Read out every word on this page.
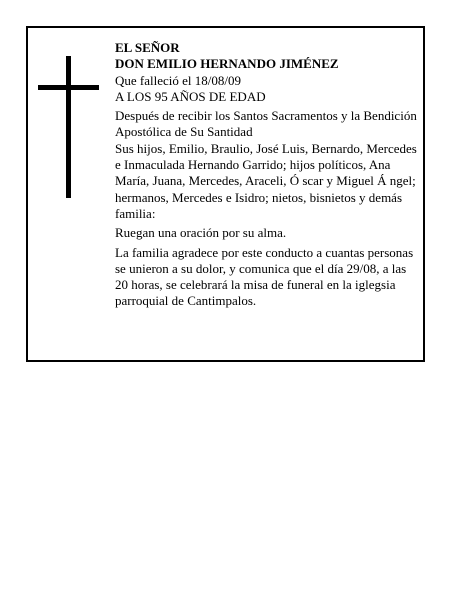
EL SEÑOR
DON EMILIO HERNANDO JIMÉNEZ
Que falleció el 18/08/09
A LOS 95 AÑOS DE EDAD
Después de recibir los Santos Sacramentos y la Bendición Apostólica de Su Santidad
Sus hijos, Emilio, Braulio, José Luis, Bernardo, Mercedes e Inmaculada Hernando Garrido; hijos políticos, Ana María, Juana, Mercedes, Araceli, Ó scar y Miguel Á ngel; hermanos, Mercedes e Isidro; nietos, bisnietos y demás familia:
Ruegan una oración por su alma.
La familia agradece por este conducto a cuantas personas se unieron a su dolor, y comunica que el día 29/08, a las 20 horas, se celebrará la misa de funeral en la iglegsia parroquial de Cantimpalos.
